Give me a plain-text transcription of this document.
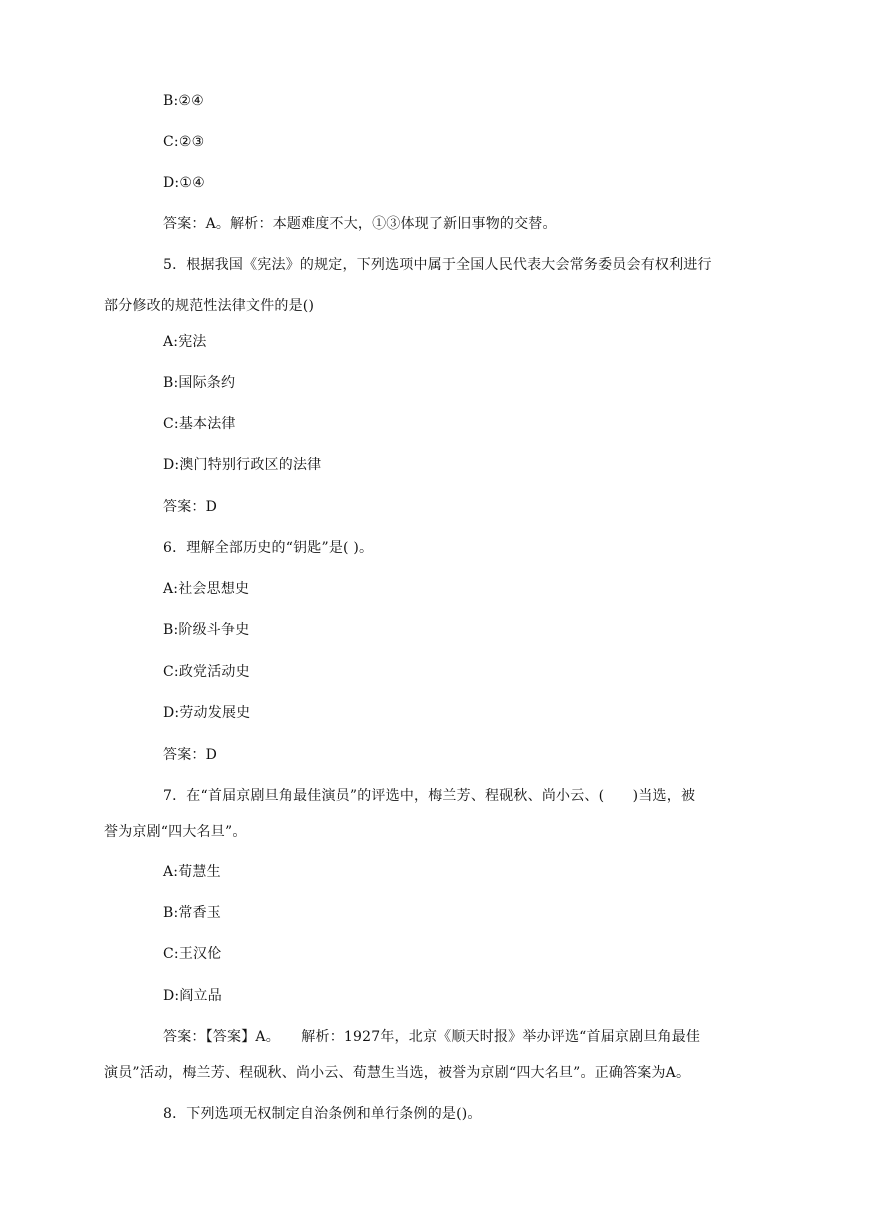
B:②④
C:②③
D:①④
答案：A。解析：本题难度不大，①③体现了新旧事物的交替。
5．根据我国《宪法》的规定，下列选项中属于全国人民代表大会常务委员会有权利进行
部分修改的规范性法律文件的是()
A:宪法
B:国际条约
C:基本法律
D:澳门特别行政区的法律
答案：D
6．理解全部历史的“钥匙”是( )。
A:社会思想史
B:阶级斗争史
C:政党活动史
D:劳动发展史
答案：D
7．在“首届京剧旦角最佳演员”的评选中，梅兰芳、程砚秋、尚小云、(　　)当选，被
誉为京剧“四大名旦”。
A:荀慧生
B:常香玉
C:王汉伦
D:阎立品
答案：【答案】A。　　解析：1927年，北京《顺天时报》举办评选“首届京剧旦角最佳
演员”活动，梅兰芳、程砚秋、尚小云、荀慧生当选，被誉为京剧“四大名旦”。正确答案为A。
8．下列选项无权制定自治条例和单行条例的是()。
